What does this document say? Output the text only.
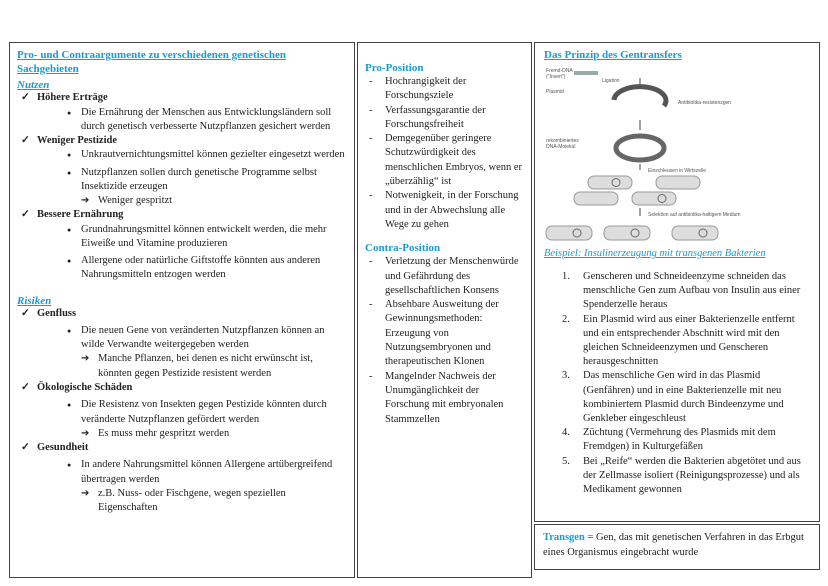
Pro- und Contraargumente zu verschiedenen genetischen Sachgebieten
Nutzen
✓ Höhere Erträge
● Die Ernährung der Menschen aus Entwicklungsländern soll durch genetisch verbesserte Nutzpflanzen gesichert werden
✓ Weniger Pestizide
● Unkrautvernichtungsmittel können gezielter eingesetzt werden
● Nutzpflanzen sollen durch genetische Programme selbst Insektizide erzeugen
➔ Weniger gespritzt
✓ Bessere Ernährung
● Grundnahrungsmittel können entwickelt werden, die mehr Eiweiße und Vitamine produzieren
● Allergene oder natürliche Giftstoffe könnten aus anderen Nahrungsmitteln entzogen werden
Risiken
✓ Genfluss
● Die neuen Gene von veränderten Nutzpflanzen können an wilde Verwandte weitergegeben werden
➔ Manche Pflanzen, bei denen es nicht erwünscht ist, könnten gegen Pestizide resistent werden
✓ Ökologische Schäden
● Die Resistenz von Insekten gegen Pestizide könnten durch veränderte Nutzpflanzen gefördert werden
➔ Es muss mehr gespritzt werden
✓ Gesundheit
● In andere Nahrungsmittel können Allergene artübergreifend übertragen werden
➔ z.B. Nuss- oder Fischgene, wegen speziellen Eigenschaften
Pro-Position
- Hochrangigkeit der Forschungsziele
- Verfassungsgarantie der Forschungsfreiheit
- Demgegenüber geringere Schutzwürdigkeit des menschlichen Embryos, wenn er „überzählig“ ist
- Notwenigkeit, in der Forschung und in der Abwechslung alle Wege zu gehen
Contra-Position
- Verletzung der Menschenwürde und Gefährdung des gesellschaftlichen Konsens
- Absehbare Ausweitung der Gewinnungsmethoden: Erzeugung von Nutzungsembryonen und therapeutischen Klonen
- Mangelnder Nachweis der Unumgänglichkeit der Forschung mit embryonalen Stammzellen
Das Prinzip des Gentransfers
Fremd-DNA
("Insert")
Ligation
Plasmid
Antibiotika-resistenzgen
rekombiniertes
DNA-Molekül
Einschleusen in Wirtszelle
Selektion auf antibiotika-haltigem Medium
Beispiel: Insulinerzeugung mit transgenen Bakterien
1. Genscheren und Schneideenzyme schneiden das menschliche Gen zum Aufbau von Insulin aus einer Spenderzelle heraus
2. Ein Plasmid wird aus einer Bakterienzelle entfernt und ein entsprechender Abschnitt wird mit den gleichen Schneideenzymen und Genscheren herausgeschnitten
3. Das menschliche Gen wird in das Plasmid (Genfähren) und in eine Bakterienzelle mit neu kombiniertem Plasmid durch Bindeenzyme und Genkleber eingeschleust
4. Züchtung (Vermehrung des Plasmids mit dem Fremdgen) in Kulturgefäßen
5. Bei „Reife“ werden die Bakterien abgetötet und aus der Zellmasse isoliert (Reinigungsprozesse) und als Medikament gewonnen
Transgen = Gen, das mit genetischen Verfahren in das Erbgut eines Organismus eingebracht wurde
